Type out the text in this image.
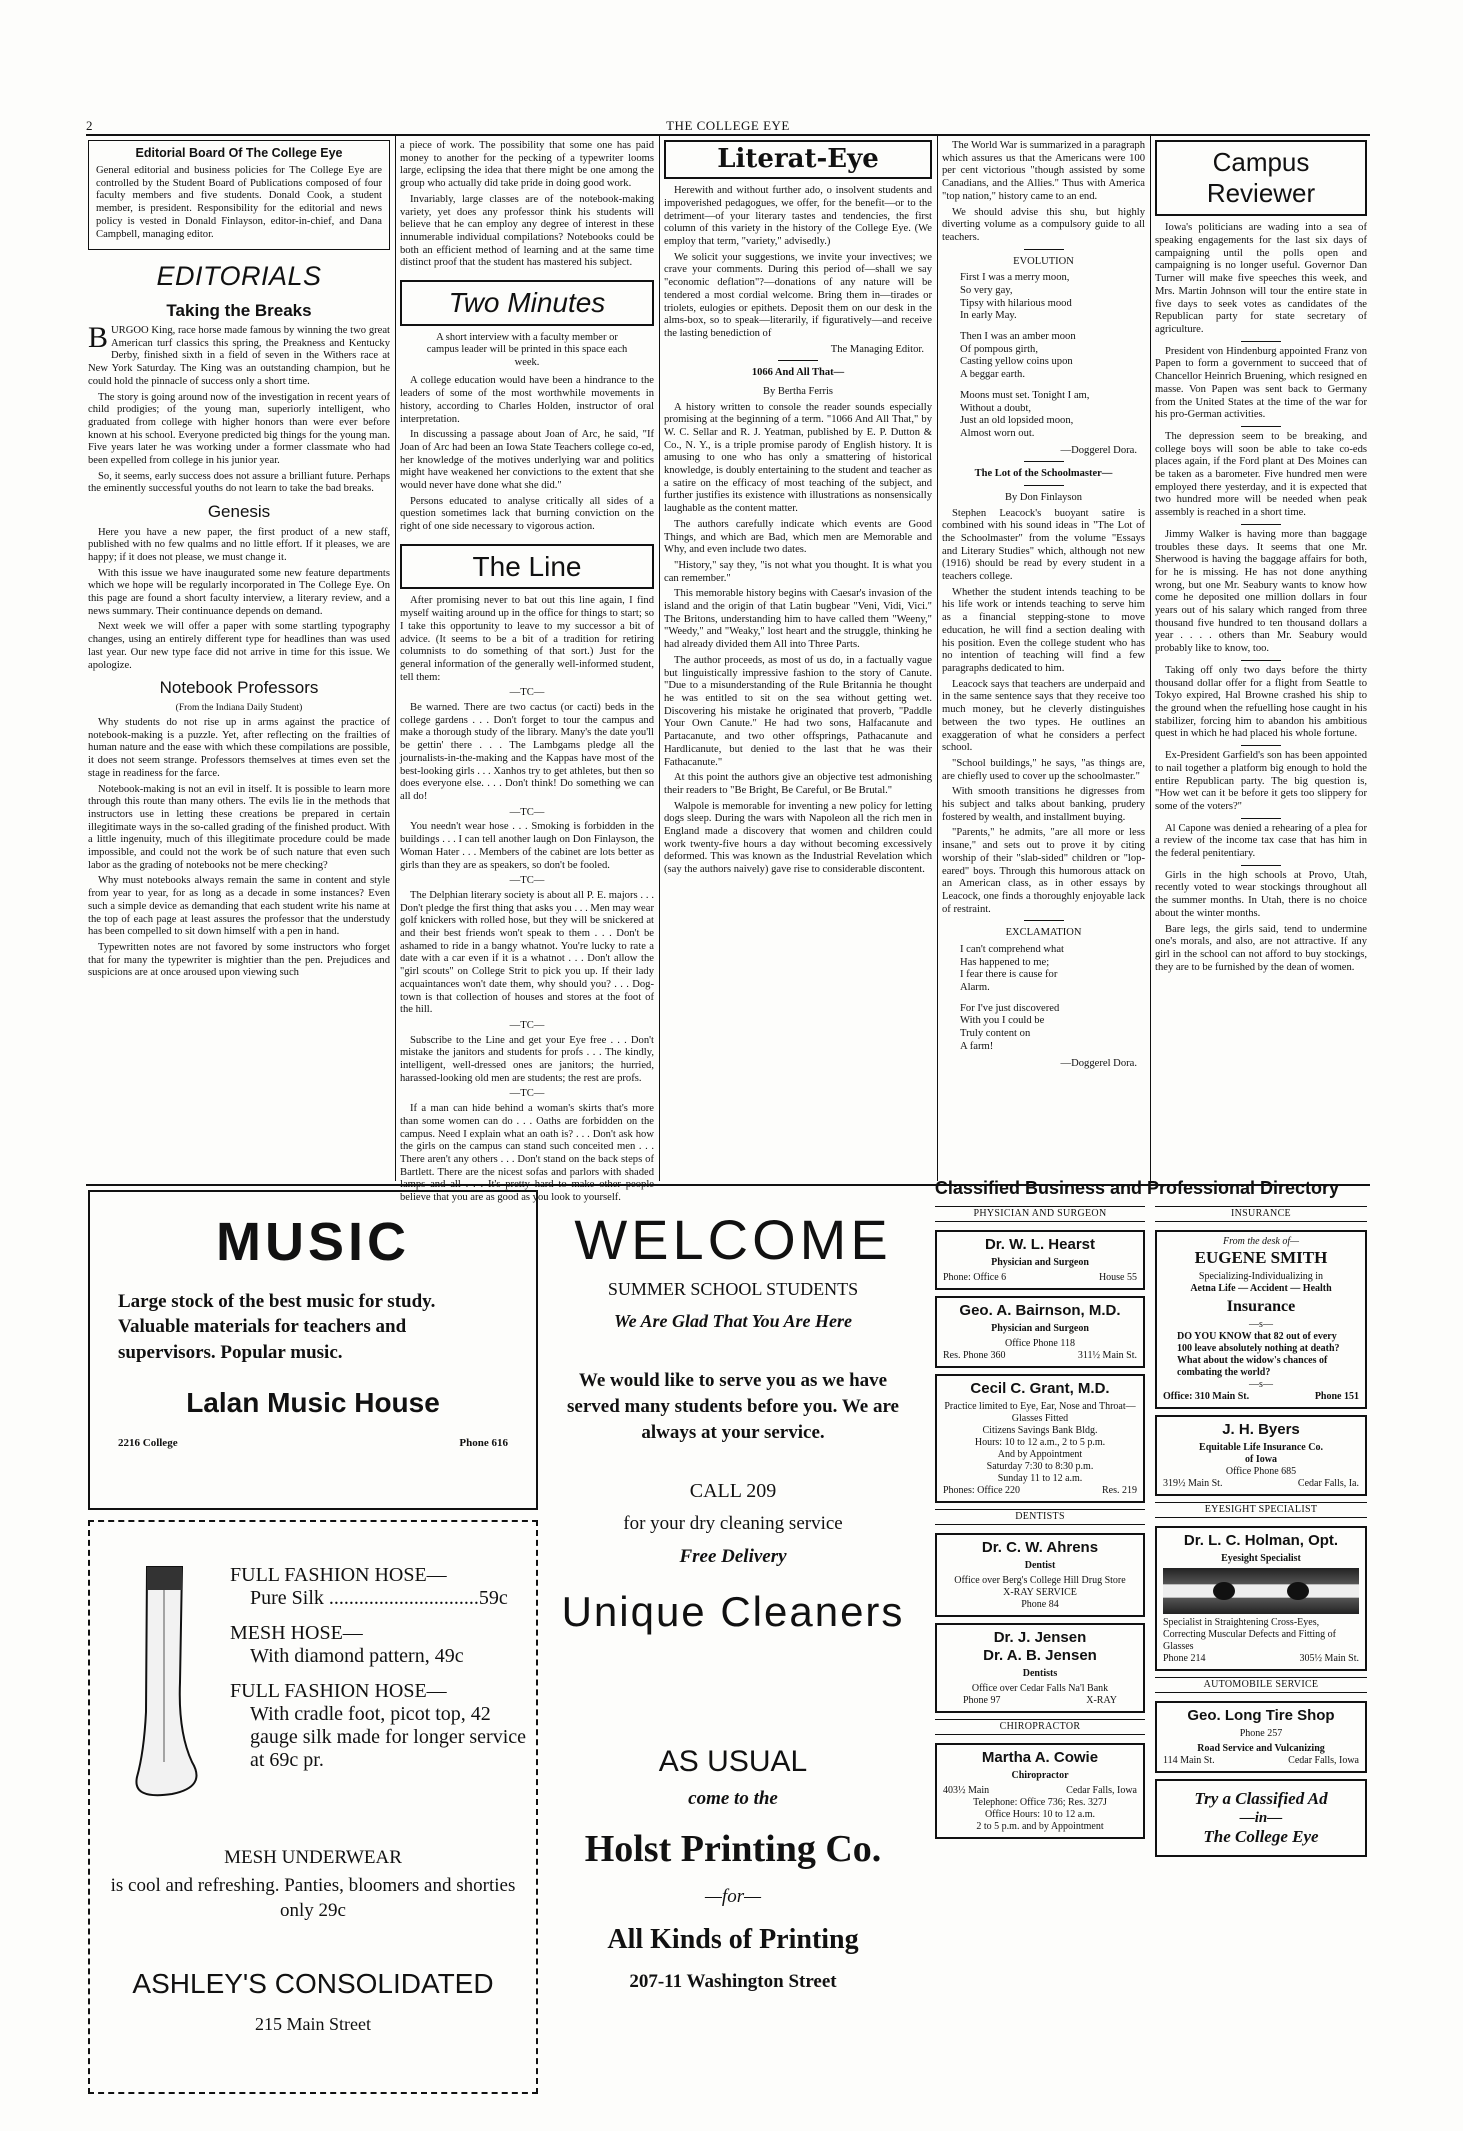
2	THE COLLEGE EYE
Editorial Board Of The College Eye

General editorial and business policies for The College Eye are controlled by the Student Board of Publications composed of four faculty members and five students. Donald Cook, a student member, is president. Responsibility for the editorial and news policy is vested in Donald Finlayson, editor-in-chief, and Dana Campbell, managing editor.

EDITORIALS
Taking the Breaks

BURGOO King, race horse made famous by winning the two great American turf classics this spring, the Preakness and Kentucky Derby, finished sixth in a field of seven in the Withers race at New York Saturday. The King was an outstanding champion, but he could hold the pinnacle of success only a short time.

The story is going around now of the investigation in recent years of child prodigies; of the young man, superiorly intelligent, who graduated from college with higher honors than were ever before known at his school. Everyone predicted big things for the young man. Five years later he was working under a former classmate who had been expelled from college in his junior year.

So, it seems, early success does not assure a brilliant future. Perhaps the eminently successful youths do not learn to take the bad breaks.

Genesis

Here you have a new paper, the first product of a new staff, published with no few qualms and no little effort. If it pleases, we are happy; if it does not please, we must change it.

With this issue we have inaugurated some new feature departments which we hope will be regularly incorporated in The College Eye. On this page are found a short faculty interview, a literary review, and a news summary. Their continuance depends on demand.

Next week we will offer a paper with some startling typography changes, using an entirely different type for headlines than was used last year. Our new type face did not arrive in time for this issue. We apologize.

Notebook Professors
(From the Indiana Daily Student)

Why students do not rise up in arms against the practice of notebook-making is a puzzle. Yet, after reflecting on the frailties of human nature and the ease with which these compilations are possible, it does not seem strange. Professors themselves at times even set the stage in readiness for the farce.

Notebook-making is not an evil in itself. It is possible to learn more through this route than many others. The evils lie in the methods that instructors use in letting these creations be prepared in certain illegitimate ways in the so-called grading of the finished product. With a little ingenuity, much of this illegitimate procedure could be made impossible, and could not the work be of such nature that even such labor as the grading of notebooks not be mere checking?

Why must notebooks always remain the same in content and style from year to year, for as long as a decade in some instances? Even such a simple device as demanding that each student write his name at the top of each page at least assures the professor that the understudy has been compelled to sit down himself with a pen in hand.

Typewritten notes are not favored by some instructors who forget that for many the typewriter is mightier than the pen. Prejudices and suspicions are at once aroused upon viewing such

a piece of work. The possibility that some one has paid money to another for the pecking of a typewriter looms large, eclipsing the idea that there might be one among the group who actually did take pride in doing good work.

Invariably, large classes are of the notebook-making variety, yet does any professor think his students will believe that he can employ any degree of interest in these innumerable individual compilations? Notebooks could be both an efficient method of learning and at the same time distinct proof that the student has mastered his subject.

Two Minutes
A short interview with a faculty member or campus leader will be printed in this space each week.

A college education would have been a hindrance to the leaders of some of the most worthwhile movements in history, according to Charles Holden, instructor of oral interpretation.

In discussing a passage about Joan of Arc, he said, "If Joan of Arc had been an Iowa State Teachers college co-ed, her knowledge of the motives underlying war and politics might have weakened her convictions to the extent that she would never have done what she did."

Persons educated to analyse critically all sides of a question sometimes lack that burning conviction on the right of one side necessary to vigorous action.

The Line

After promising never to bat out this line again, I find myself waiting around up in the office for things to start; so I take this opportunity to leave to my successor a bit of advice. (It seems to be a bit of a tradition for retiring columnists to do something of that sort.) Just for the general information of the generally well-informed student, tell them:

—TC—

Be warned. There are two cactus (or cacti) beds in the college gardens . . . Don't forget to tour the campus and make a thorough study of the library. Many's the date you'll be gettin' there . . . The Lambgams pledge all the journalists-in-the-making and the Kappas have most of the best-looking girls . . . Xanhos try to get athletes, but then so does everyone else. . . . Don't think! Do something we can all do!

—TC—

You needn't wear hose . . . Smoking is forbidden in the buildings . . . I can tell another laugh on Don Finlayson, the Woman Hater . . . Members of the cabinet are lots better as girls than they are as speakers, so don't be fooled.

—TC—

The Delphian literary society is about all P. E. majors . . . Don't pledge the first thing that asks you . . . Men may wear golf knickers with rolled hose, but they will be snickered at and their best friends won't speak to them . . . Don't be ashamed to ride in a bangy whatnot. You're lucky to rate a date with a car even if it is a whatnot . . . Don't allow the "girl scouts" on College Strit to pick you up. If their lady acquaintances won't date them, why should you? . . . Dog-town is that collection of houses and stores at the foot of the hill.

—TC—

Subscribe to the Line and get your Eye free . . . Don't mistake the janitors and students for profs . . . The kindly, intelligent, well-dressed ones are janitors; the hurried, harassed-looking old men are students; the rest are profs.

—TC—

If a man can hide behind a woman's skirts that's more than some women can do . . . Oaths are forbidden on the campus. Need I explain what an oath is? . . . Don't ask how the girls on the campus can stand such conceited men . . . There aren't any others . . . Don't stand on the back steps of Bartlett. There are the nicest sofas and parlors with shaded lamps and all . . . It's pretty hard to make other people believe that you are as good as you look to yourself.

Literat-Eye

Herewith and without further ado, o insolvent students and impoverished pedagogues, we offer, for the benefit—or to the detriment—of your literary tastes and tendencies, the first column of this variety in the history of the College Eye. (We employ that term, "variety," advisedly.)

We solicit your suggestions, we invite your invectives; we crave your comments. During this period of—shall we say "economic deflation"?—donations of any nature will be tendered a most cordial welcome. Bring them in—tirades or triolets, eulogies or epithets. Deposit them on our desk in the alms-box, so to speak—literarily, if figuratively—and receive the lasting benediction of

The Managing Editor.
1066 And All That—
By Bertha Ferris

A history written to console the reader sounds especially promising at the beginning of a term. "1066 And All That," by W. C. Sellar and R. J. Yeatman, published by E. P. Dutton & Co., N. Y., is a triple promise parody of English history. It is amusing to one who has only a smattering of historical knowledge, is doubly entertaining to the student and teacher as a satire on the efficacy of most teaching of the subject, and further justifies its existence with illustrations as nonsensically laughable as the content matter.

The authors carefully indicate which events are Good Things, and which are Bad, which men are Memorable and Why, and even include two dates.

"History," say they, "is not what you thought. It is what you can remember."

This memorable history begins with Caesar's invasion of the island and the origin of that Latin bugbear "Veni, Vidi, Vici." The Britons, understanding him to have called them "Weeny," "Weedy," and "Weaky," lost heart and the struggle, thinking he had already divided them All into Three Parts.

The author proceeds, as most of us do, in a factually vague but linguistically impressive fashion to the story of Canute. "Due to a misunderstanding of the Rule Britannia he thought he was entitled to sit on the sea without getting wet. Discovering his mistake he originated that proverb, "Paddle Your Own Canute." He had two sons, Halfacanute and Partacanute, and two other offsprings, Pathacanute and Hardlicanute, but denied to the last that he was their Fathacanute."

At this point the authors give an objective test admonishing their readers to "Be Bright, Be Careful, or Be Brutal."

Walpole is memorable for inventing a new policy for letting dogs sleep. During the wars with Napoleon all the rich men in England made a discovery that women and children could work twenty-five hours a day without becoming excessively deformed. This was known as the Industrial Revelation which (say the authors naively) gave rise to considerable discontent.

The World War is summarized in a paragraph which assures us that the Americans were 100 per cent victorious "though assisted by some Canadians, and the Allies." Thus with America "top nation," history came to an end.

We should advise this shu, but highly diverting volume as a compulsory guide to all teachers.

EVOLUTION
First I was a merry moon,
So very gay,
Tipsy with hilarious mood
In early May.
Then I was an amber moon
Of pompous girth,
Casting yellow coins upon
A beggar earth.
Moons must set. Tonight I am,
Without a doubt,
Just an old lopsided moon,
Almost worn out.
—Doggerel Dora.
The Lot of the Schoolmaster—
By Don Finlayson

Stephen Leacock's buoyant satire is combined with his sound ideas in "The Lot of the Schoolmaster" from the volume "Essays and Literary Studies" which, although not new (1916) should be read by every student in a teachers college.

Whether the student intends teaching to be his life work or intends teaching to serve him as a financial stepping-stone to move education, he will find a section dealing with his position. Even the college student who has no intention of teaching will find a few paragraphs dedicated to him.

Leacock says that teachers are underpaid and in the same sentence says that they receive too much money, but he cleverly distinguishes between the two types. He outlines an exaggeration of what he considers a perfect school.

"School buildings," he says, "as things are, are chiefly used to cover up the schoolmaster."

With smooth transitions he digresses from his subject and talks about banking, prudery fostered by wealth, and installment buying.

"Parents," he admits, "are all more or less insane," and sets out to prove it by citing worship of their "slab-sided" children or "lop-eared" boys. Through this humorous attack on an American class, as in other essays by Leacock, one finds a thoroughly enjoyable lack of restraint.

EXCLAMATION
I can't comprehend what
Has happened to me;
I fear there is cause for
Alarm.
For I've just discovered
With you I could be
Truly content on
A farm!
—Doggerel Dora.
Campus Reviewer

Iowa's politicians are wading into a sea of speaking engagements for the last six days of campaigning until the polls open and campaigning is no longer useful. Governor Dan Turner will make five speeches this week, and Mrs. Martin Johnson will tour the entire state in five days to seek votes as candidates of the Republican party for state secretary of agriculture.

President von Hindenburg appointed Franz von Papen to form a government to succeed that of Chancellor Heinrich Bruening, which resigned en masse. Von Papen was sent back to Germany from the United States at the time of the war for his pro-German activities.

The depression seem to be breaking, and college boys will soon be able to take co-eds places again, if the Ford plant at Des Moines can be taken as a barometer. Five hundred men were employed there yesterday, and it is expected that two hundred more will be needed when peak assembly is reached in a short time.

Jimmy Walker is having more than baggage troubles these days. It seems that one Mr. Sherwood is having the baggage affairs for both, for he is missing. He has not done anything wrong, but one Mr. Seabury wants to know how come he deposited one million dollars in four years out of his salary which ranged from three thousand five hundred to ten thousand dollars a year . . . . others than Mr. Seabury would probably like to know, too.

Taking off only two days before the thirty thousand dollar offer for a flight from Seattle to Tokyo expired, Hal Browne crashed his ship to the ground when the refuelling hose caught in his stabilizer, forcing him to abandon his ambitious quest in which he had placed his whole fortune.

Ex-President Garfield's son has been appointed to nail together a platform big enough to hold the entire Republican party. The big question is, "How wet can it be before it gets too slippery for some of the voters?"

Al Capone was denied a rehearing of a plea for a review of the income tax case that has him in the federal penitentiary.

Girls in the high schools at Provo, Utah, recently voted to wear stockings throughout all the summer months. In Utah, there is no choice about the winter months.

Bare legs, the girls said, tend to undermine one's morals, and also, are not attractive. If any girl in the school can not afford to buy stockings, they are to be furnished by the dean of women.

MUSIC
Large stock of the best music for study. Valuable materials for teachers and supervisors. Popular music.
Lalan Music House
2216 College	Phone 616
FULL FASHION HOSE—
Pure Silk ..............................59c
MESH HOSE—
With diamond pattern, 49c
FULL FASHION HOSE—
With cradle foot, picot top, 42 gauge silk made for longer service at 69c pr.
MESH UNDERWEAR
is cool and refreshing. Panties, bloomers and shorties only 29c
ASHLEY'S CONSOLIDATED
215 Main Street
WELCOME
SUMMER SCHOOL STUDENTS
We Are Glad That You Are Here
We would like to serve you as we have served many students before you. We are always at your service.
CALL 209
for your dry cleaning service
Free Delivery
Unique Cleaners
AS USUAL
come to the
Holst Printing Co.
—for—
All Kinds of Printing
207-11 Washington Street
Classified Business and Professional Directory
PHYSICIAN AND SURGEON
Dr. W. L. Hearst
Physician and Surgeon
Phone: Office 6	House 55
Geo. A. Bairnson, M.D.
Physician and Surgeon
Office Phone 118
Res. Phone 360	311½ Main St.
Cecil C. Grant, M.D.
Practice limited to Eye, Ear, Nose and Throat—Glasses Fitted
Citizens Savings Bank Bldg.
Hours: 10 to 12 a.m., 2 to 5 p.m.
And by Appointment
Saturday 7:30 to 8:30 p.m.
Sunday 11 to 12 a.m.
Phones: Office 220	Res. 219
DENTISTS
Dr. C. W. Ahrens
Dentist
Office over Berg's College Hill Drug Store
X-RAY SERVICE
Phone 84
Dr. J. Jensen
Dr. A. B. Jensen
Dentists
Office over Cedar Falls Na'l Bank
Phone 97	X-RAY
CHIROPRACTOR
Martha A. Cowie
Chiropractor
403½ Main	Cedar Falls, Iowa
Telephone: Office 736; Res. 327J
Office Hours: 10 to 12 a.m.
2 to 5 p.m. and by Appointment
INSURANCE
From the desk of—
EUGENE SMITH
Specializing-Individualizing in
Aetna Life — Accident — Health
Insurance
—s—
DO YOU KNOW that 82 out of every 100 leave absolutely nothing at death? What about the widow's chances of combating the world?
—s—
Office: 310 Main St.	Phone 151
J. H. Byers
Equitable Life Insurance Co.
of Iowa
Office Phone 685
319½ Main St.	Cedar Falls, Ia.
EYESIGHT SPECIALIST
Dr. L. C. Holman, Opt.
Eyesight Specialist
Specialist in Straightening Cross-Eyes, Correcting Muscular Defects and Fitting of Glasses
Phone 214	305½ Main St.
AUTOMOBILE SERVICE
Geo. Long Tire Shop
Phone 257
Road Service and Vulcanizing
114 Main St.	Cedar Falls, Iowa
Try a Classified Ad
—in—
The College Eye
